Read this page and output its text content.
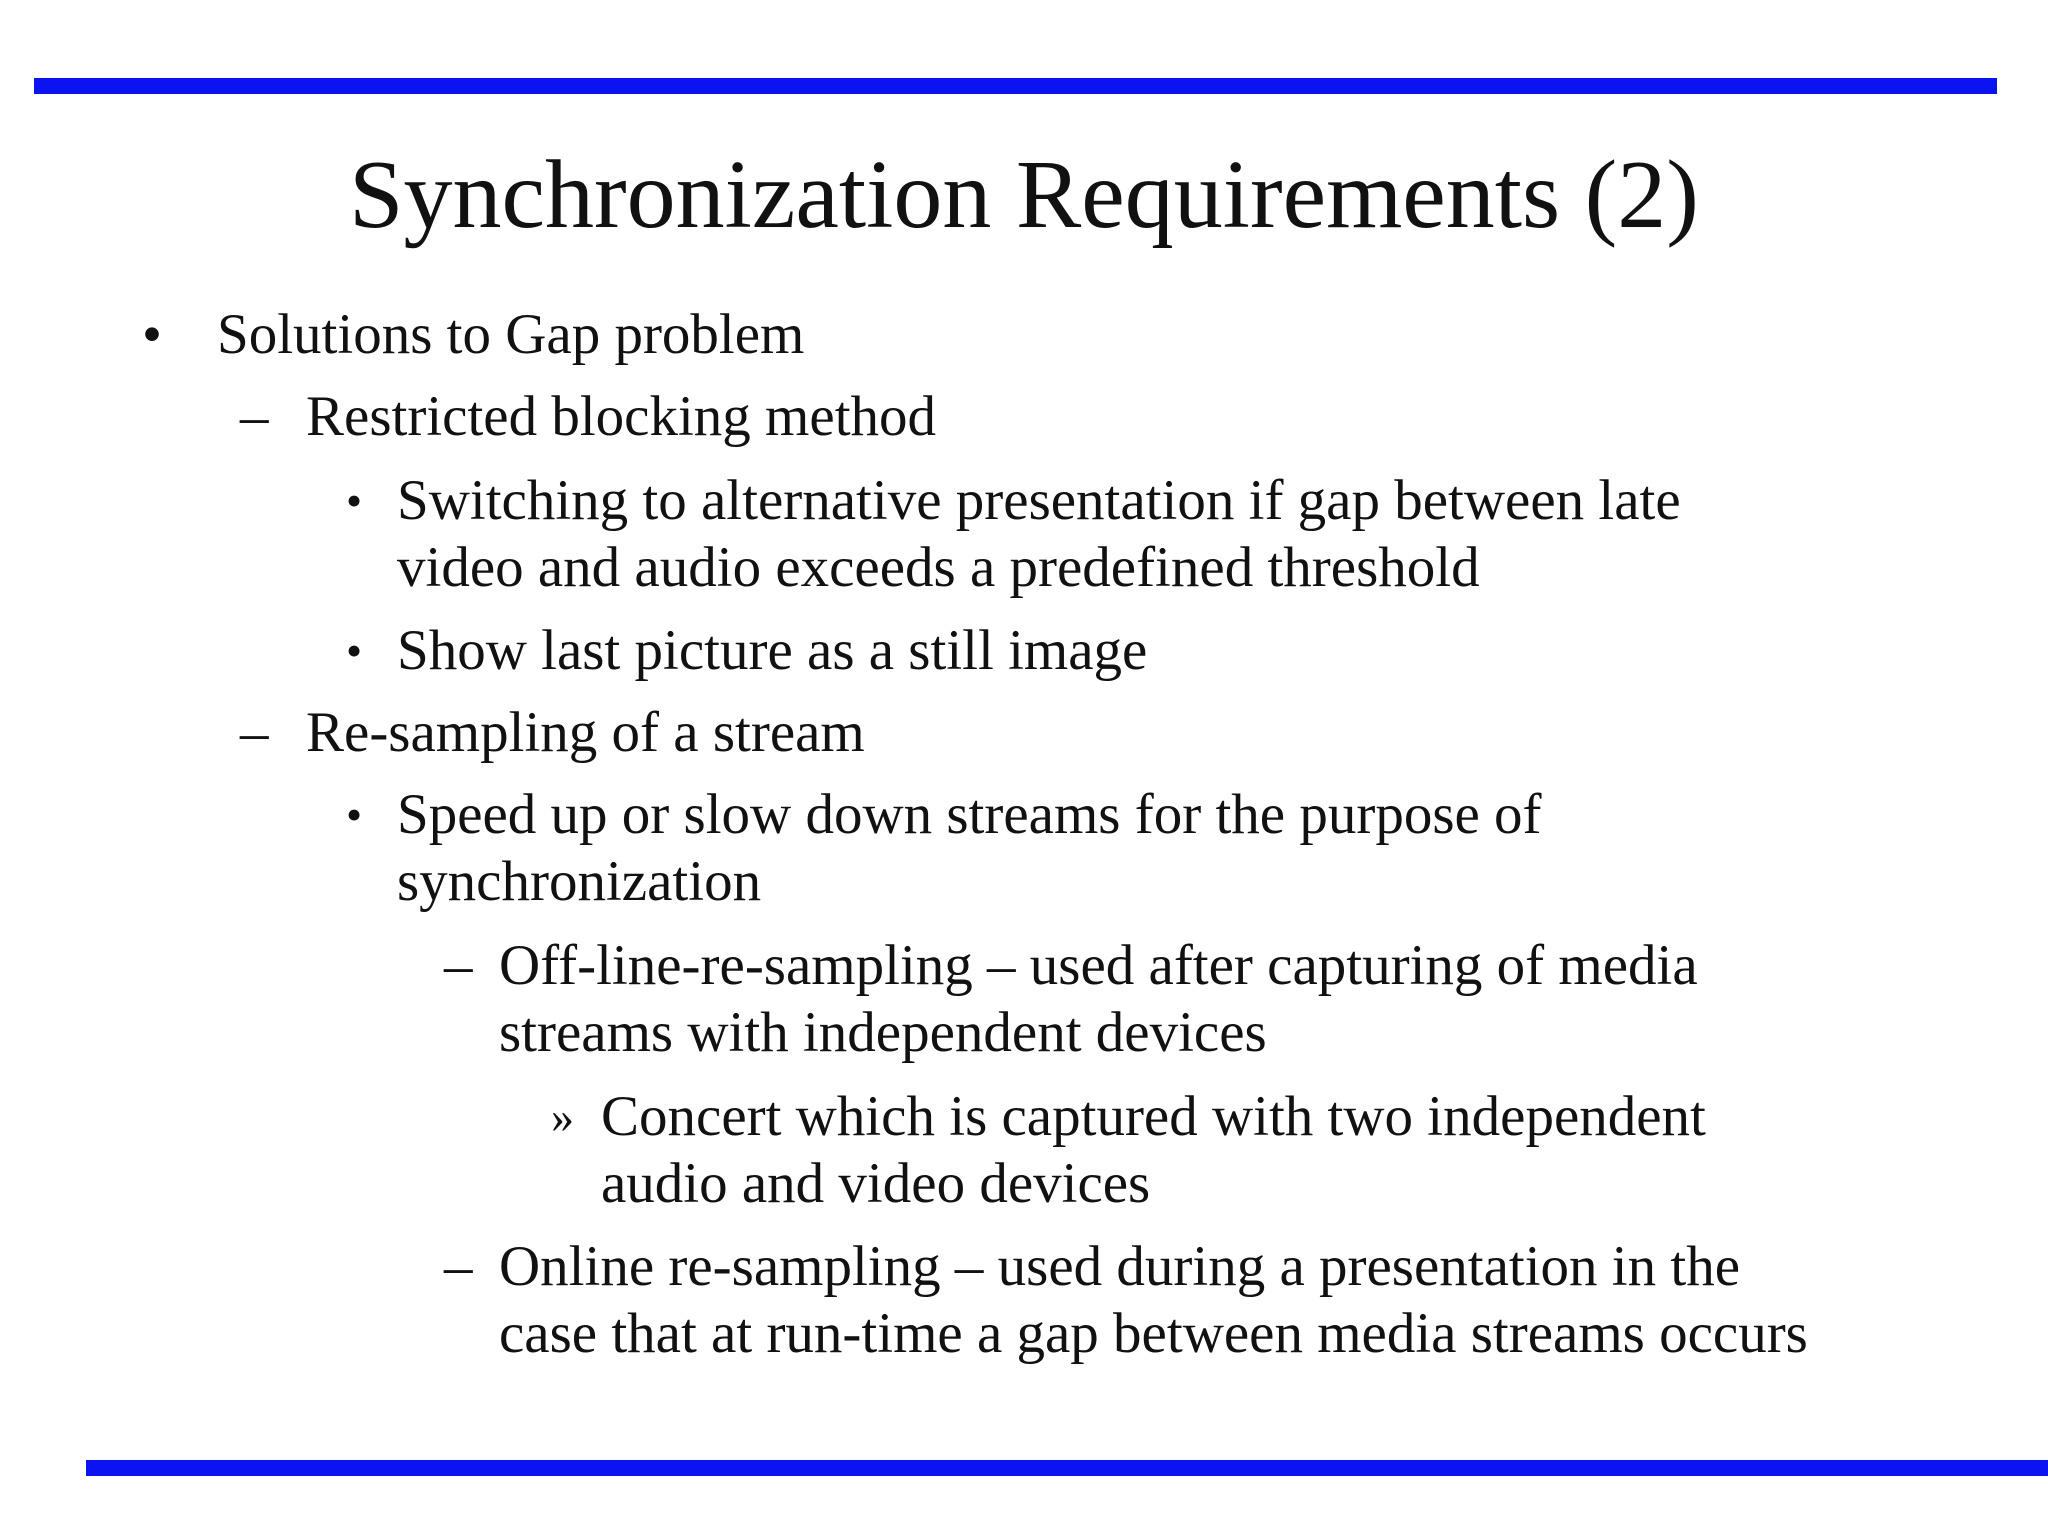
Synchronization Requirements (2)
• Solutions to Gap problem

– Restricted blocking method

• Switching to alternative presentation if gap between late

video and audio exceeds a predefined threshold

• Show last picture as a still image

– Re-sampling of a stream

• Speed up or slow down streams for the purpose of

synchronization

– Off-line-re-sampling – used after capturing of media

streams with independent devices

» Concert which is captured with two independent

audio and video devices

– Online re-sampling – used during a presentation in the

case that at run-time a gap between media streams occurs
